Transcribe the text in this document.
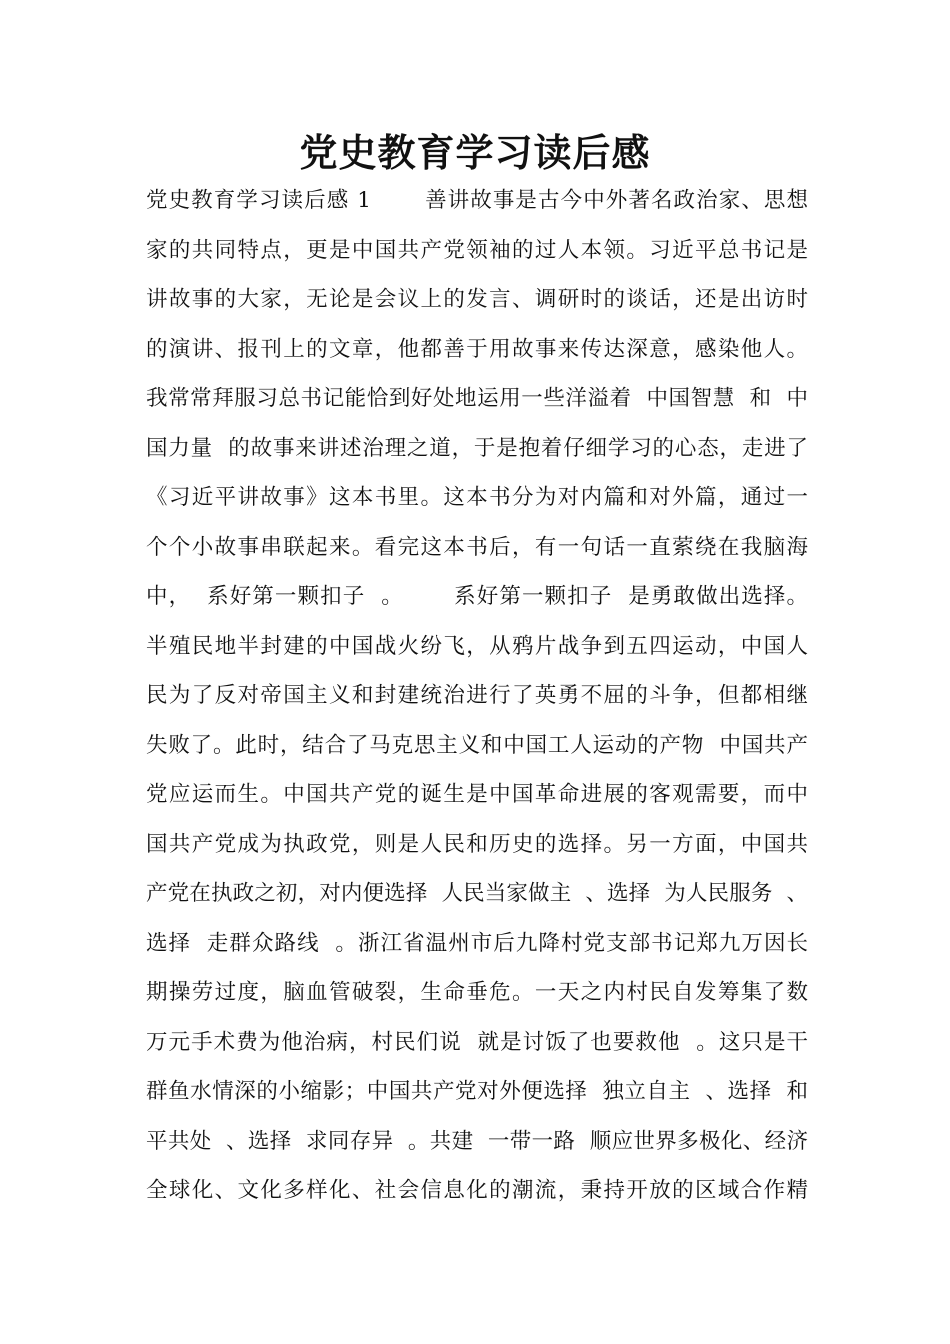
党史教育学习读后感
党史教育学习读后感 1　　 善讲故事是古今中外著名政治家、思想
家的共同特点，更是中国共产党领袖的过人本领。习近平总书记是
讲故事的大家，无论是会议上的发言、调研时的谈话，还是出访时
的演讲、报刊上的文章，他都善于用故事来传达深意，感染他人。
我常常拜服习总书记能恰到好处地运用一些洋溢着  中国智慧  和  中
国力量  的故事来讲述治理之道，于是抱着仔细学习的心态，走进了
《习近平讲故事》这本书里。这本书分为对内篇和对外篇，通过一
个个小故事串联起来。看完这本书后，有一句话一直萦绕在我脑海
中，  系好第一颗扣子  。　　  系好第一颗扣子  是勇敢做出选择。
半殖民地半封建的中国战火纷飞，从鸦片战争到五四运动，中国人
民为了反对帝国主义和封建统治进行了英勇不屈的斗争，但都相继
失败了。此时，结合了马克思主义和中国工人运动的产物  中国共产
党应运而生。中国共产党的诞生是中国革命进展的客观需要，而中
国共产党成为执政党，则是人民和历史的选择。另一方面，中国共
产党在执政之初，对内便选择  人民当家做主  、选择  为人民服务  、
选择  走群众路线  。浙江省温州市后九降村党支部书记郑九万因长
期操劳过度，脑血管破裂，生命垂危。一天之内村民自发筹集了数
万元手术费为他治病，村民们说  就是讨饭了也要救他  。这只是干
群鱼水情深的小缩影；中国共产党对外便选择  独立自主  、选择  和
平共处  、选择  求同存异  。共建  一带一路  顺应世界多极化、经济
全球化、文化多样化、社会信息化的潮流，秉持开放的区域合作精
